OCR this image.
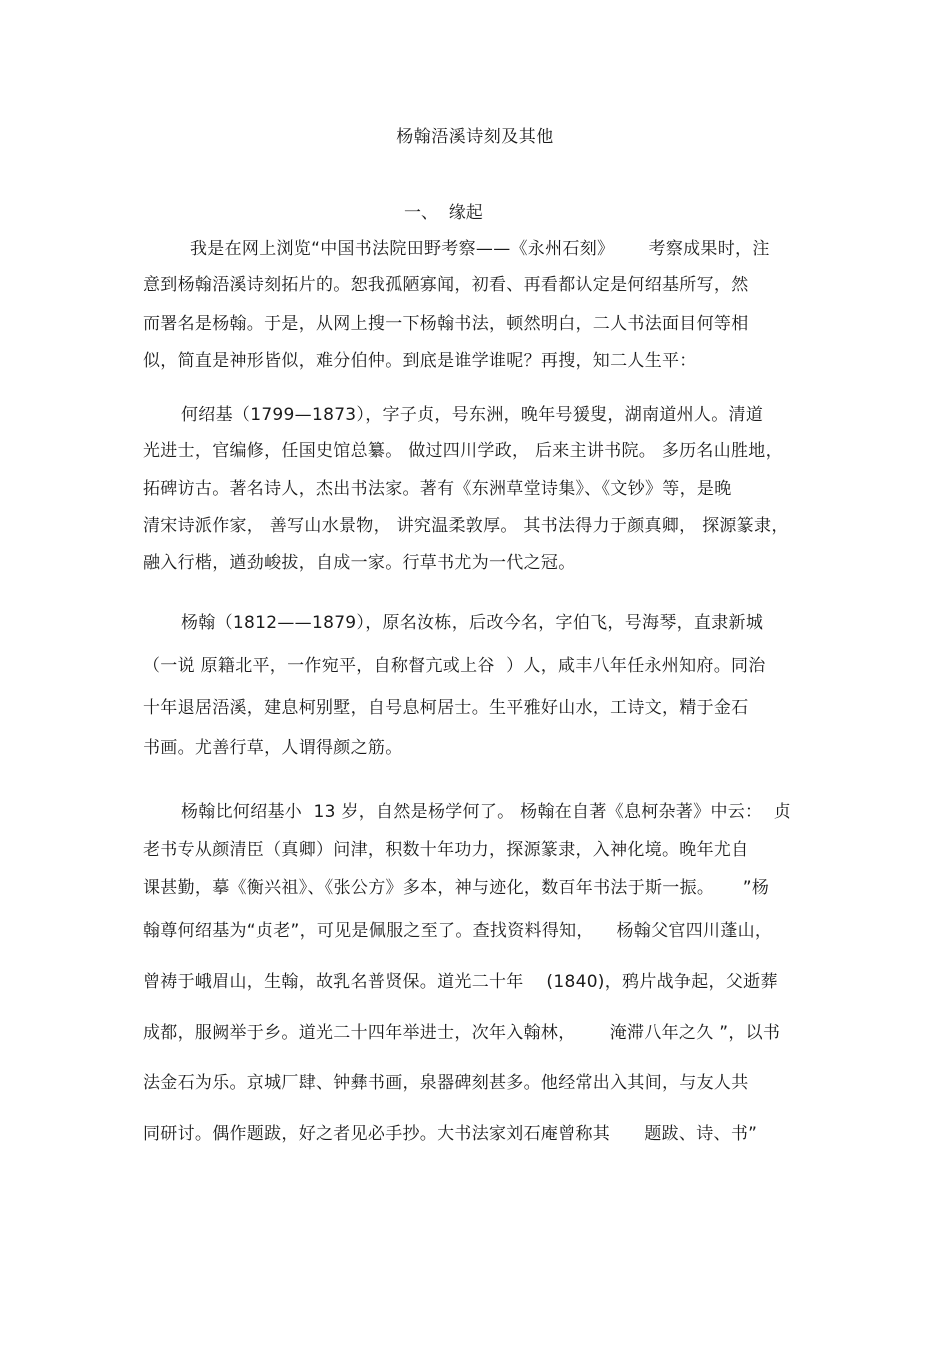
杨翰浯溪诗刻及其他
一、  缘起
我是在网上浏览“中国书法院田野考察——《永州石刻》      考察成果时，注
意到杨翰浯溪诗刻拓片的。恕我孤陋寡闻，初看、再看都认定是何绍基所写，然
而署名是杨翰。于是，从网上搜一下杨翰书法，顿然明白，二人书法面目何等相
似，简直是神形皆似，难分伯仲。到底是谁学谁呢？再搜，知二人生平：
何绍基（1799—1873），字子贞，号东洲，晚年号猨叟，湖南道州人。清道
光进士，官编修，任国史馆总纂。 做过四川学政， 后来主讲书院。 多历名山胜地，
拓碑访古。著名诗人，杰出书法家。著有《东洲草堂诗集》、《文钞》等，是晚
清宋诗派作家， 善写山水景物， 讲究温柔敦厚。 其书法得力于颜真卿， 探源篆隶，
融入行楷，遒劲峻拔，自成一家。行草书尤为一代之冠。
杨翰（1812——1879），原名汝栋，后改今名，字伯飞，号海琴，直隶新城
（一说 原籍北平，一作宛平，自称督亢或上谷  ）人，咸丰八年任永州知府。同治
十年退居浯溪，建息柯别墅，自号息柯居士。生平雅好山水，工诗文，精于金石
书画。尤善行草，人谓得颜之筋。
杨翰比何绍基小  13 岁，自然是杨学何了。 杨翰在自著《息柯杂著》中云：  贞
老书专从颜清臣（真卿）问津，积数十年功力，探源篆隶，入神化境。晚年尤自
课甚勤，摹《衡兴祖》、《张公方》多本，神与迹化，数百年书法于斯一振。     ”杨
翰尊何绍基为“贞老”，可见是佩服之至了。查找资料得知，    杨翰父官四川蓬山，
曾祷于峨眉山，生翰，故乳名普贤保。道光二十年    (1840)，鸦片战争起，父逝葬
成都，服阙举于乡。道光二十四年举进士，次年入翰林，      淹滞八年之久 ”，以书
法金石为乐。京城厂肆、钟彝书画，泉器碑刻甚多。他经常出入其间，与友人共
同研讨。偶作题跋，好之者见必手抄。大书法家刘石庵曾称其      题跋、诗、书”
